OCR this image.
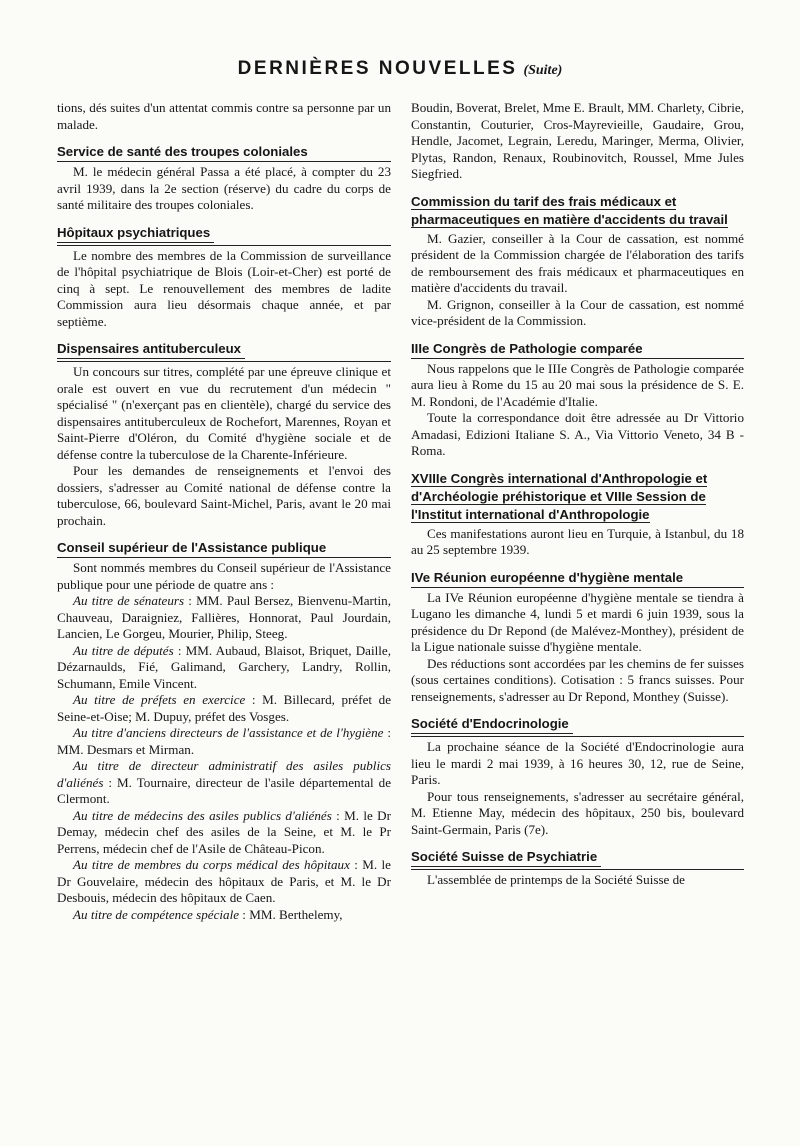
DERNIÈRES NOUVELLES (Suite)

tions, dés suites d'un attentat commis contre sa personne par un malade.

Service de santé des troupes coloniales

M. le médecin général Passa a été placé, à compter du 23 avril 1939, dans la 2e section (réserve) du cadre du corps de santé militaire des troupes coloniales.

Hôpitaux psychiatriques

Le nombre des membres de la Commission de surveillance de l'hôpital psychiatrique de Blois (Loir-et-Cher) est porté de cinq à sept. Le renouvellement des membres de ladite Commission aura lieu désormais chaque année, et par septième.

Dispensaires antituberculeux

Un concours sur titres, complété par une épreuve clinique et orale est ouvert en vue du recrutement d'un médecin " spécialisé " (n'exerçant pas en clientèle), chargé du service des dispensaires antituberculeux de Rochefort, Marennes, Royan et Saint-Pierre d'Oléron, du Comité d'hygiène sociale et de défense contre la tuberculose de la Charente-Inférieure.

Pour les demandes de renseignements et l'envoi des dossiers, s'adresser au Comité national de défense contre la tuberculose, 66, boulevard Saint-Michel, Paris, avant le 20 mai prochain.

Conseil supérieur de l'Assistance publique

Sont nommés membres du Conseil supérieur de l'Assistance publique pour une période de quatre ans :

Au titre de sénateurs : MM. Paul Bersez, Bienvenu-Martin, Chauveau, Daraigniez, Fallières, Honnorat, Paul Jourdain, Lancien, Le Gorgeu, Mourier, Philip, Steeg.

Au titre de députés : MM. Aubaud, Blaisot, Briquet, Daille, Dézarnaulds, Fié, Galimand, Garchery, Landry, Rollin, Schumann, Emile Vincent.

Au titre de préfets en exercice : M. Billecard, préfet de Seine-et-Oise; M. Dupuy, préfet des Vosges.

Au titre d'anciens directeurs de l'assistance et de l'hygiène : MM. Desmars et Mirman.

Au titre de directeur administratif des asiles publics d'aliénés : M. Tournaire, directeur de l'asile départemental de Clermont.

Au titre de médecins des asiles publics d'aliénés : M. le Dr Demay, médecin chef des asiles de la Seine, et M. le Pr Perrens, médecin chef de l'Asile de Château-Picon.

Au titre de membres du corps médical des hôpitaux : M. le Dr Gouvelaire, médecin des hôpitaux de Paris, et M. le Dr Desbouis, médecin des hôpitaux de Caen.

Au titre de compétence spéciale : MM. Berthelemy,

Boudin, Boverat, Brelet, Mme E. Brault, MM. Charlety, Cibrie, Constantin, Couturier, Cros-Mayrevieille, Gaudaire, Grou, Hendle, Jacomet, Legrain, Leredu, Maringer, Merma, Olivier, Plytas, Randon, Renaux, Roubinovitch, Roussel, Mme Jules Siegfried.

Commission du tarif des frais médicaux et pharmaceutiques en matière d'accidents du travail

M. Gazier, conseiller à la Cour de cassation, est nommé président de la Commission chargée de l'élaboration des tarifs de remboursement des frais médicaux et pharmaceutiques en matière d'accidents du travail.

M. Grignon, conseiller à la Cour de cassation, est nommé vice-président de la Commission.

IIIe Congrès de Pathologie comparée

Nous rappelons que le IIIe Congrès de Pathologie comparée aura lieu à Rome du 15 au 20 mai sous la présidence de S. E. M. Rondoni, de l'Académie d'Italie.

Toute la correspondance doit être adressée au Dr Vittorio Amadasi, Edizioni Italiane S. A., Via Vittorio Veneto, 34 B - Roma.

XVIIIe Congrès international d'Anthropologie et d'Archéologie préhistorique et VIIIe Session de l'Institut international d'Anthropologie

Ces manifestations auront lieu en Turquie, à Istanbul, du 18 au 25 septembre 1939.

IVe Réunion européenne d'hygiène mentale

La IVe Réunion européenne d'hygiène mentale se tiendra à Lugano les dimanche 4, lundi 5 et mardi 6 juin 1939, sous la présidence du Dr Repond (de Malévez-Monthey), président de la Ligue nationale suisse d'hygiène mentale.

Des réductions sont accordées par les chemins de fer suisses (sous certaines conditions). Cotisation : 5 francs suisses. Pour renseignements, s'adresser au Dr Repond, Monthey (Suisse).

Société d'Endocrinologie

La prochaine séance de la Société d'Endocrinologie aura lieu le mardi 2 mai 1939, à 16 heures 30, 12, rue de Seine, Paris.

Pour tous renseignements, s'adresser au secrétaire général, M. Etienne May, médecin des hôpitaux, 250 bis, boulevard Saint-Germain, Paris (7e).

Société Suisse de Psychiatrie

L'assemblée de printemps de la Société Suisse de
